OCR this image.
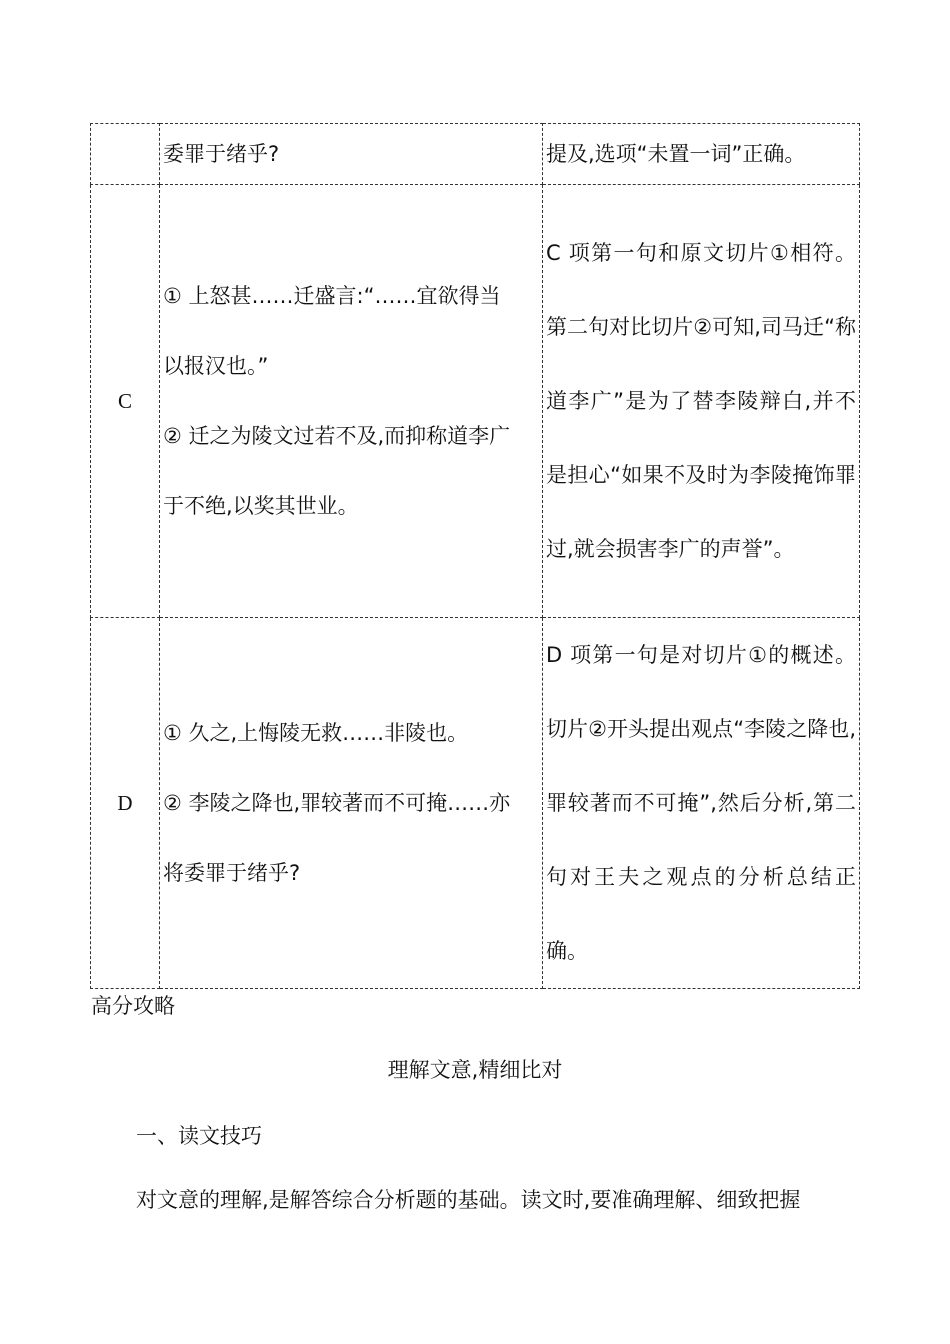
	委罪于绪乎?	提及,选项“未置一词”正确。

C	① 上怒甚……迁盛言:“……宜欲得当
以报汉也。”
② 迁之为陵文过若不及,而抑称道李广
于不绝,以奖其世业。	C 项第一句和原文切片①相符。第二句对比切片②可知,司马迁“称道李广”是为了替李陵辩白,并不是担心“如果不及时为李陵掩饰罪过,就会损害李广的声誉”。

D	① 久之,上悔陵无救……非陵也。
② 李陵之降也,罪较著而不可掩……亦
将委罪于绪乎?	D 项第一句是对切片①的概述。切片②开头提出观点“李陵之降也,罪较著而不可掩”,然后分析,第二句对王夫之观点的分析总结正确。
高分攻略
理解文意,精细比对
一、读文技巧
对文意的理解,是解答综合分析题的基础。读文时,要准确理解、细致把握
